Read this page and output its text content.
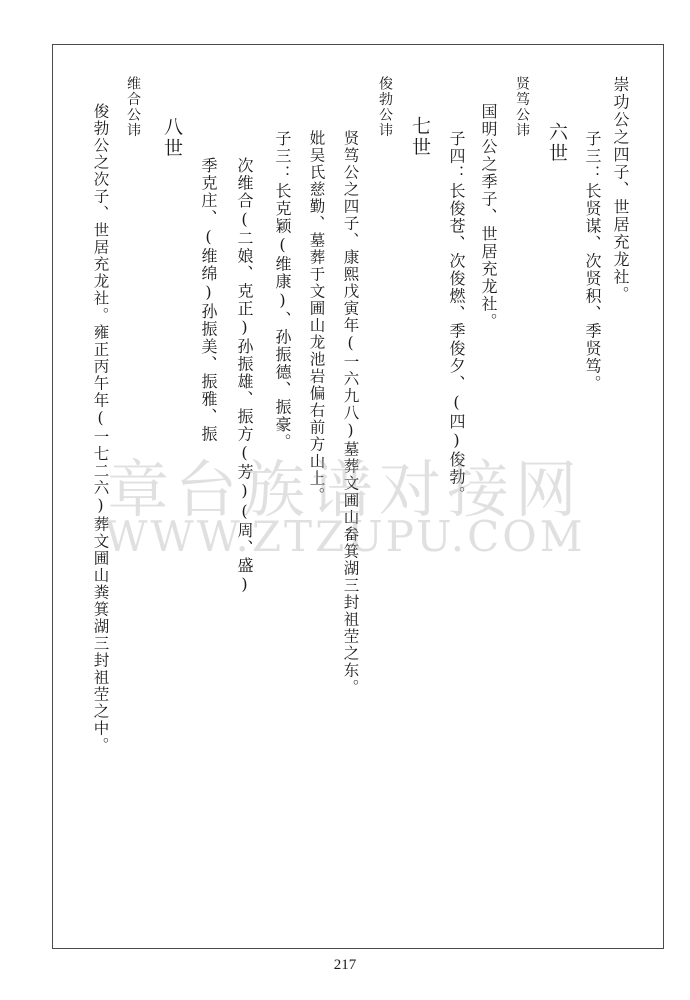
崇功公之四子、世居充龙社。
子三：长贤谋、次贤积、季贤笃。
六世
贤笃公讳
国明公之季子、世居充龙社。
子四：长俊苍、次俊燃、季俊夕、(四)俊勃。
七世
俊勃公讳
贤笃公之四子、康熙戊寅年(一六九八)墓葬文圃山畚箕湖三封祖茔之东。
妣吴氏慈勤、墓葬于文圃山龙池岩偏右前方山上。
子三：长克颖(维康)、孙振德、振豪。
次维合(二娘、克正)孙振雄、振方(芳)(周、盛)
季克庄、(维绵)孙振美、振雅、振
八世
维合公讳
俊勃公之次子、世居充龙社。雍正丙午年(一七二六)葬文圃山粪箕湖三封祖茔之中。
章台族谱对接网
WWW.ZTZUPU.COM
217
